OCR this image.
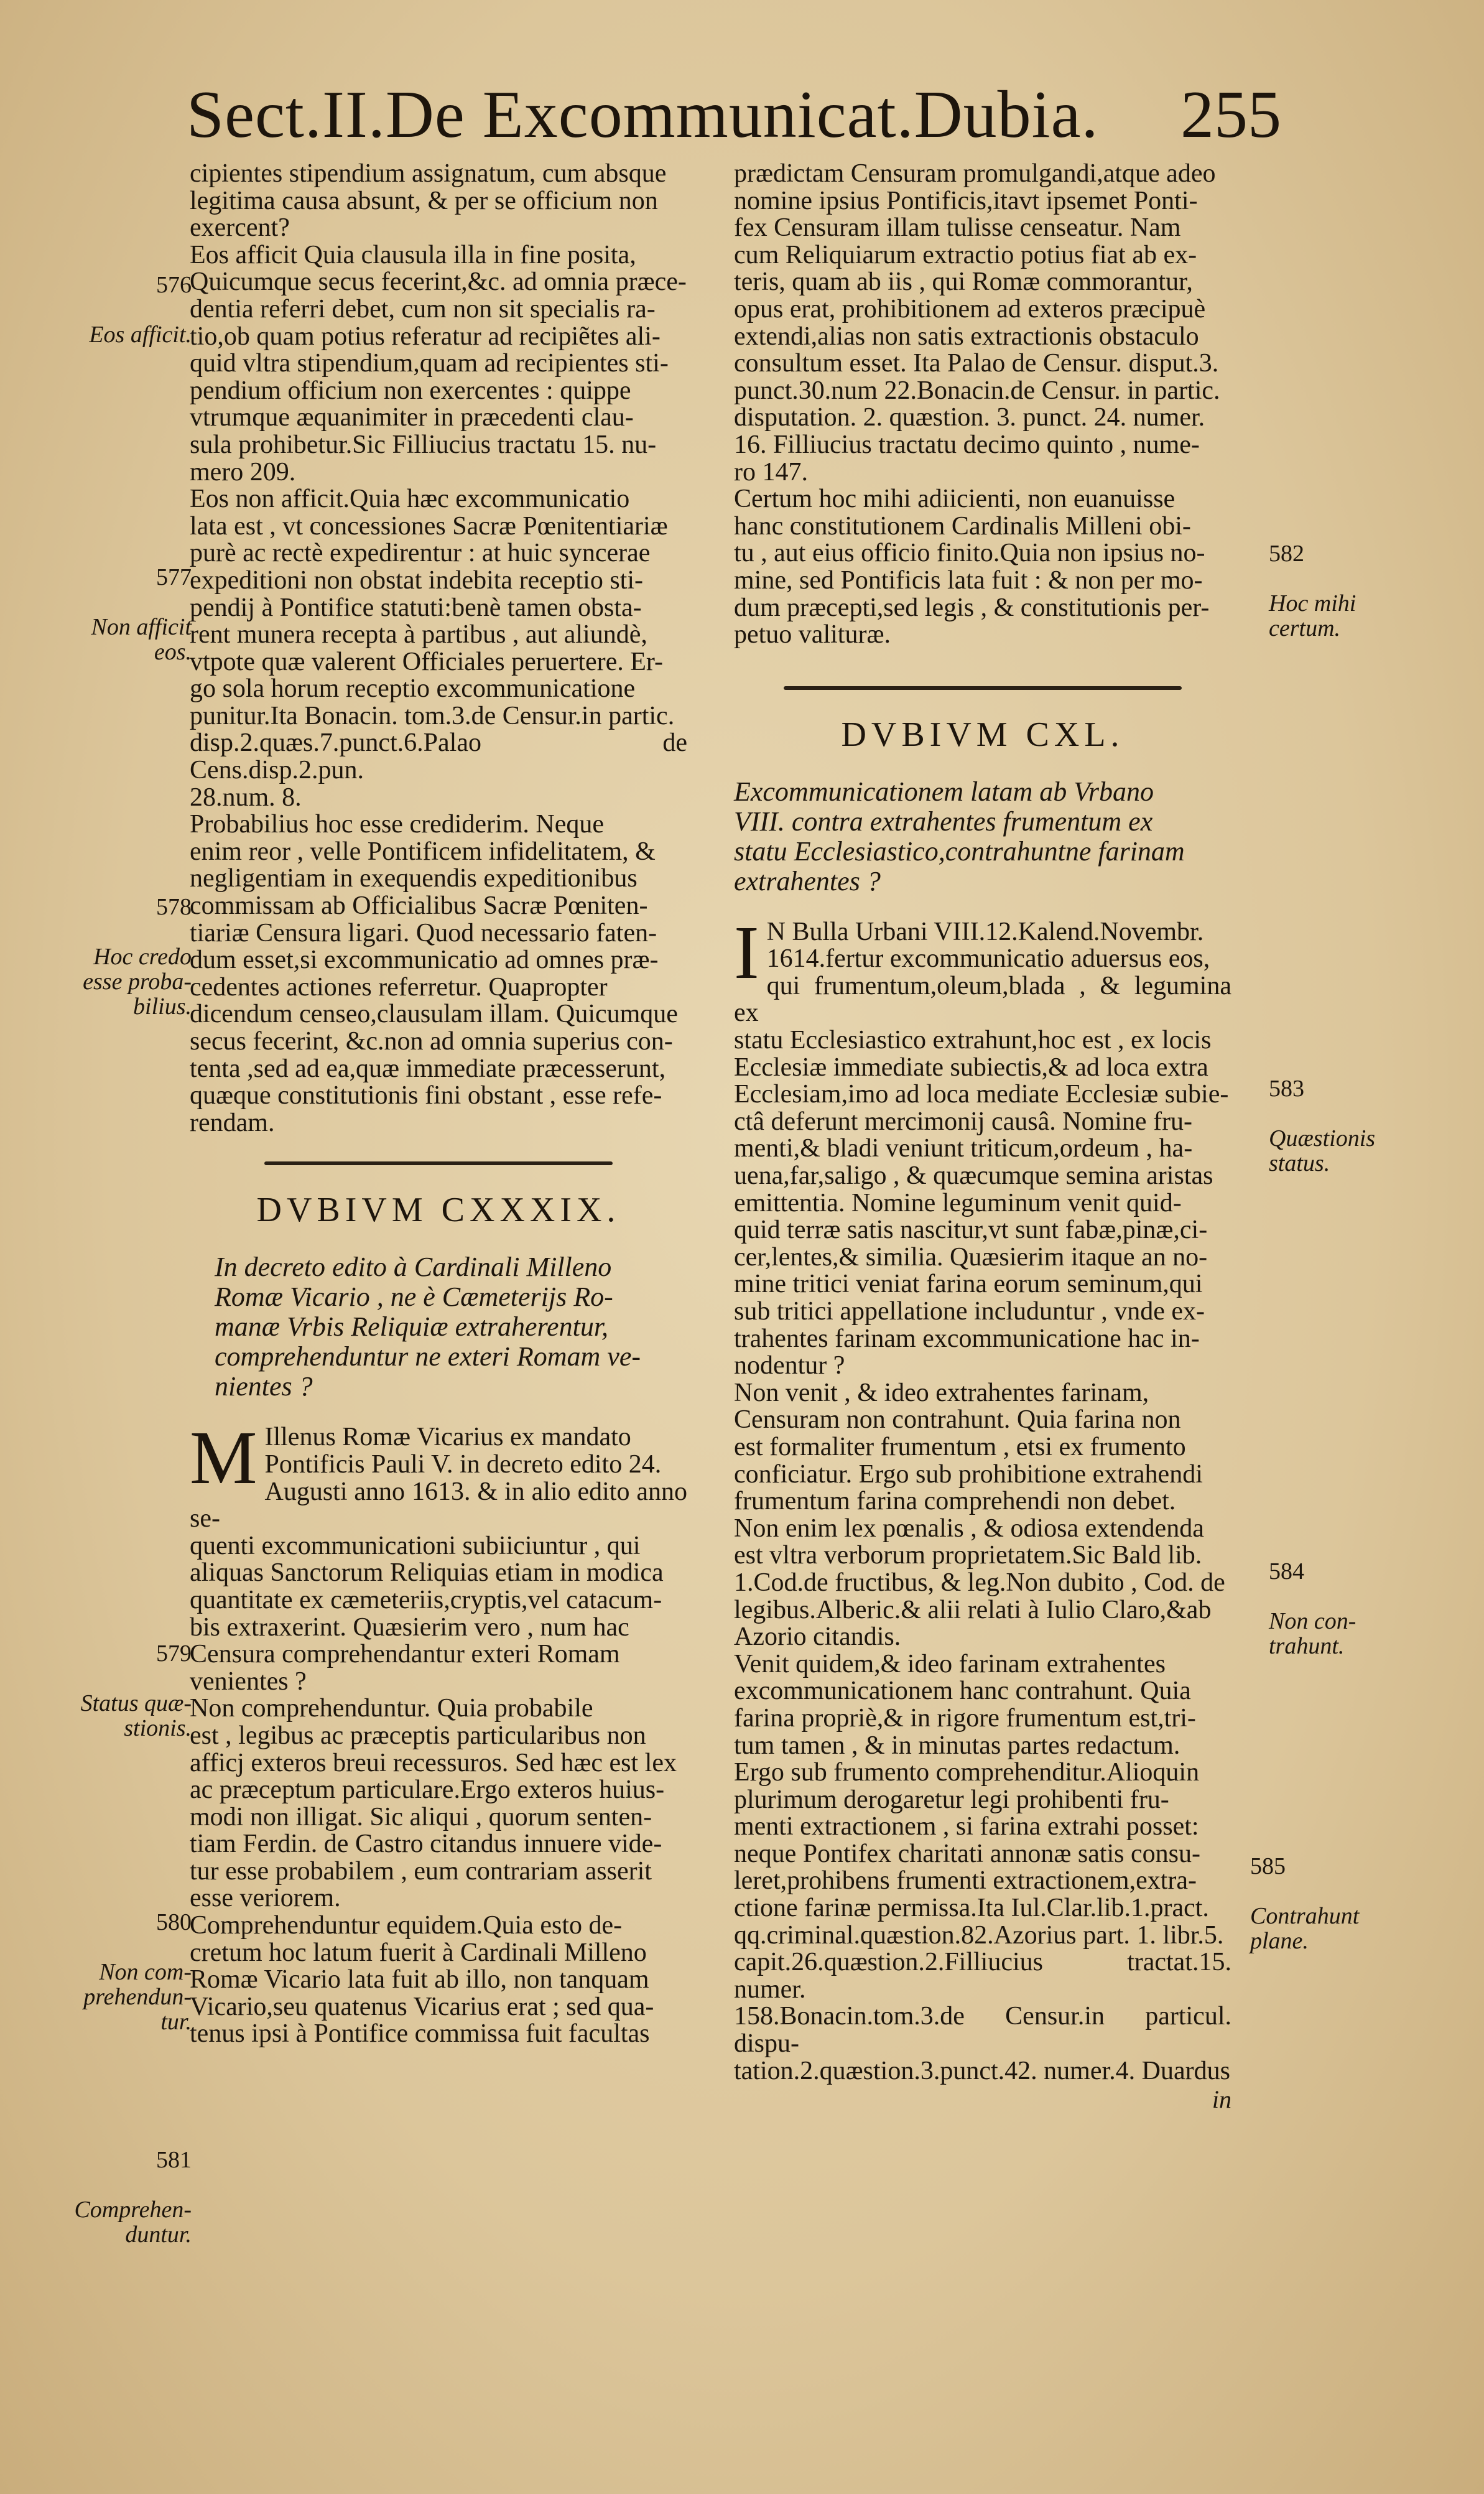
Sect.II.De Excommunicat.Dubia. 255

cipientes stipendium assignatum, cum absque
legitima causa absunt, & per se officium non
exercent?

Eos afficit Quia clausula illa in fine posita,
Quicumque secus fecerint,&c. ad omnia præce-
dentia referri debet, cum non sit specialis ra-
tio,ob quam potius referatur ad recipiẽtes ali-
quid vltra stipendium,quam ad recipientes sti-
pendium officium non exercentes : quippe
vtrumque æquanimiter in præcedenti clau-
sula prohibetur.Sic Filliucius tractatu 15. nu-
mero 209.

Eos non afficit.Quia hæc excommunicatio
lata est , vt concessiones Sacræ Pœnitentiariæ
purè ac rectè expedirentur : at huic syncerae
expeditioni non obstat indebita receptio sti-
pendij à Pontifice statuti:benè tamen obsta-
rent munera recepta à partibus , aut aliundè,
vtpote quæ valerent Officiales peruertere. Er-
go sola horum receptio excommunicatione
punitur.Ita Bonacin. tom.3.de Censur.in partic.
disp.2.quæs.7.punct.6.Palao de Cens.disp.2.pun.
28.num. 8.

Probabilius hoc esse crediderim. Neque
enim reor , velle Pontificem infidelitatem, &
negligentiam in exequendis expeditionibus
commissam ab Officialibus Sacræ Pœniten-
tiariæ Censura ligari. Quod necessario faten-
dum esset,si excommunicatio ad omnes præ-
cedentes actiones referretur. Quapropter
dicendum censeo,clausulam illam. Quicumque
secus fecerint, &c.non ad omnia superius con-
tenta ,sed ad ea,quæ immediate præcesserunt,
quæque constitutionis fini obstant , esse refe-
rendam.

DVBIVM CXXXIX.

In decreto edito à Cardinali Milleno
Romæ Vicario , ne è Cæmeterijs Ro-
manæ Vrbis Reliquiæ extraherentur,
comprehenduntur ne exteri Romam ve-
nientes ?

M Illenus Romæ Vicarius ex mandato
Pontificis Pauli V. in decreto edito 24.
Augusti anno 1613. & in alio edito anno se-
quenti excommunicationi subiiciuntur , qui
aliquas Sanctorum Reliquias etiam in modica
quantitate ex cæmeteriis,cryptis,vel catacum-
bis extraxerint. Quæsierim vero , num hac
Censura comprehendantur exteri Romam
venientes ?

Non comprehenduntur. Quia probabile
est , legibus ac præceptis particularibus non
afficj exteros breui recessuros. Sed hæc est lex
ac præceptum particulare.Ergo exteros huius-
modi non illigat. Sic aliqui , quorum senten-
tiam Ferdin. de Castro citandus innuere vide-
tur esse probabilem , eum contrariam asserit
esse veriorem.

Comprehenduntur equidem.Quia esto de-
cretum hoc latum fuerit à Cardinali Milleno
Romæ Vicario lata fuit ab illo, non tanquam
Vicario,seu quatenus Vicarius erat ; sed qua-
tenus ipsi à Pontifice commissa fuit facultas

prædictam Censuram promulgandi,atque adeo
nomine ipsius Pontificis,itavt ipsemet Ponti-
fex Censuram illam tulisse censeatur. Nam
cum Reliquiarum extractio potius fiat ab ex-
teris, quam ab iis , qui Romæ commorantur,
opus erat, prohibitionem ad exteros præcipuè
extendi,alias non satis extractionis obstaculo
consultum esset. Ita Palao de Censur. disput.3.
punct.30.num 22.Bonacin.de Censur. in partic.
disputation. 2. quæstion. 3. punct. 24. numer.
16. Filliucius tractatu decimo quinto , nume-
ro 147.

Certum hoc mihi adiicienti, non euanuisse
hanc constitutionem Cardinalis Milleni obi-
tu , aut eius officio finito.Quia non ipsius no-
mine, sed Pontificis lata fuit : & non per mo-
dum præcepti,sed legis , & constitutionis per-
petuo valituræ.

DVBIVM CXL.

Excommunicationem latam ab Vrbano
VIII. contra extrahentes frumentum ex
statu Ecclesiastico,contrahuntne farinam
extrahentes ?

I N Bulla Urbani VIII.12.Kalend.Novembr.
1614.fertur excommunicatio aduersus eos,
qui frumentum,oleum,blada , & legumina ex
statu Ecclesiastico extrahunt,hoc est , ex locis
Ecclesiæ immediate subiectis,& ad loca extra
Ecclesiam,imo ad loca mediate Ecclesiæ subie-
ctâ deferunt mercimonij causâ. Nomine fru-
menti,& bladi veniunt triticum,ordeum , ha-
uena,far,saligo , & quæcumque semina aristas
emittentia. Nomine leguminum venit quid-
quid terræ satis nascitur,vt sunt fabæ,pinæ,ci-
cer,lentes,& similia. Quæsierim itaque an no-
mine tritici veniat farina eorum seminum,qui
sub tritici appellatione includuntur , vnde ex-
trahentes farinam excommunicatione hac in-
nodentur ?

Non venit , & ideo extrahentes farinam,
Censuram non contrahunt. Quia farina non
est formaliter frumentum , etsi ex frumento
conficiatur. Ergo sub prohibitione extrahendi
frumentum farina comprehendi non debet.
Non enim lex pœnalis , & odiosa extendenda
est vltra verborum proprietatem.Sic Bald lib.
1.Cod.de fructibus, & leg.Non dubito , Cod. de
legibus.Alberic.& alii relati à Iulio Claro,&ab
Azorio citandis.

Venit quidem,& ideo farinam extrahentes
excommunicationem hanc contrahunt. Quia
farina propriè,& in rigore frumentum est,tri-
tum tamen , & in minutas partes redactum.
Ergo sub frumento comprehenditur.Alioquin
plurimum derogaretur legi prohibenti fru-
menti extractionem , si farina extrahi posset:
neque Pontifex charitati annonæ satis consu-
leret,prohibens frumenti extractionem,extra-
ctione farinæ permissa.Ita Iul.Clar.lib.1.pract.
qq.criminal.quæstion.82.Azorius part. 1. libr.5.
capit.26.quæstion.2.Filliucius tractat.15. numer.
158.Bonacin.tom.3.de Censur.in particul. dispu-
tation.2.quæstion.3.punct.42. numer.4. Duardus

in

576

Eos afficit.

577

Non afficit
eos.

578

Hoc credo
esse proba-
bilius.

579

Status quæ-
stionis.

580

Non com-
prehendun-
tur.

581

Comprehen-
duntur.

582

Hoc mihi
certum.

583

Quæstionis
status.

584

Non con-
trahunt.

585

Contrahunt
plane.
